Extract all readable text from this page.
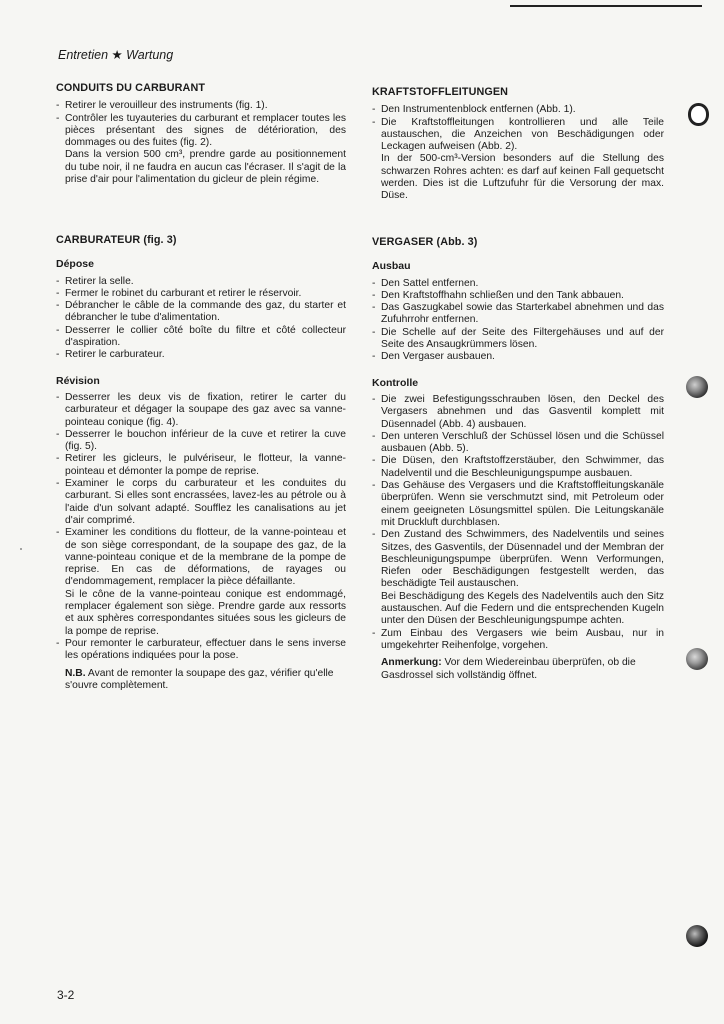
Entretien ★ Wartung
CONDUITS DU CARBURANT
- Retirer le verouilleur des instruments (fig. 1).
- Contrôler les tuyauteries du carburant et remplacer toutes les pièces présentant des signes de détérioration, des dommages ou des fuites (fig. 2).
Dans la version 500 cm³, prendre garde au positionnement du tube noir, il ne faudra en aucun cas l'écraser. Il s'agit de la prise d'air pour l'alimentation du gicleur de plein régime.
CARBURATEUR (fig. 3)
Dépose
- Retirer la selle.
- Fermer le robinet du carburant et retirer le réservoir.
- Débrancher le câble de la commande des gaz, du starter et débrancher le tube d'alimentation.
- Desserrer le collier côté boîte du filtre et côté collecteur d'aspiration.
- Retirer le carburateur.
Révision
- Desserrer les deux vis de fixation, retirer le carter du carburateur et dégager la soupape des gaz avec sa vanne-pointeau conique (fig. 4).
- Desserrer le bouchon inférieur de la cuve et retirer la cuve (fig. 5).
- Retirer les gicleurs, le pulvériseur, le flotteur, la vanne-pointeau et démonter la pompe de reprise.
- Examiner le corps du carburateur et les conduites du carburant. Si elles sont encrassées, lavez-les au pétrole ou à l'aide d'un solvant adapté. Soufflez les canalisations au jet d'air comprimé.
- Examiner les conditions du flotteur, de la vanne-pointeau et de son siège correspondant, de la soupape des gaz, de la vanne-pointeau conique et de la membrane de la pompe de reprise. En cas de déformations, de rayages ou d'endommagement, remplacer la pièce défaillante.
Si le cône de la vanne-pointeau conique est endommagé, remplacer également son siège. Prendre garde aux ressorts et aux sphères correspondantes situées sous les gicleurs de la pompe de reprise.
- Pour remonter le carburateur, effectuer dans le sens inverse les opérations indiquées pour la pose.
N.B. Avant de remonter la soupape des gaz, vérifier qu'elle s'ouvre complètement.
KRAFTSTOFFLEITUNGEN
- Den Instrumentenblock entfernen (Abb. 1).
- Die Kraftstoffleitungen kontrollieren und alle Teile austauschen, die Anzeichen von Beschädigungen oder Leckagen aufweisen (Abb. 2).
In der 500-cm³-Version besonders auf die Stellung des schwarzen Rohres achten: es darf auf keinen Fall gequetscht werden. Dies ist die Luftzufuhr für die Versorung der max. Düse.
VERGASER (Abb. 3)
Ausbau
- Den Sattel entfernen.
- Den Kraftstoffhahn schließen und den Tank abbauen.
- Das Gaszugkabel sowie das Starterkabel abnehmen und das Zufuhrrohr entfernen.
- Die Schelle auf der Seite des Filtergehäuses und auf der Seite des Ansaugkrümmers lösen.
- Den Vergaser ausbauen.
Kontrolle
- Die zwei Befestigungsschrauben lösen, den Deckel des Vergasers abnehmen und das Gasventil komplett mit Düsennadel (Abb. 4) ausbauen.
- Den unteren Verschluß der Schüssel lösen und die Schüssel ausbauen (Abb. 5).
- Die Düsen, den Kraftstoffzerstäuber, den Schwimmer, das Nadelventil und die Beschleunigungspumpe ausbauen.
- Das Gehäuse des Vergasers und die Kraftstoffleitungskanäle überprüfen. Wenn sie verschmutzt sind, mit Petroleum oder einem geeigneten Lösungsmittel spülen. Die Leitungskanäle mit Druckluft durchblasen.
- Den Zustand des Schwimmers, des Nadelventils und seines Sitzes, des Gasventils, der Düsennadel und der Membran der Beschleunigungspumpe überprüfen. Wenn Verformungen, Riefen oder Beschädigungen festgestellt werden, das beschädigte Teil austauschen.
Bei Beschädigung des Kegels des Nadelventils auch den Sitz austauschen. Auf die Federn und die entsprechenden Kugeln unter den Düsen der Beschleunigungspumpe achten.
- Zum Einbau des Vergasers wie beim Ausbau, nur in umgekehrter Reihenfolge, vorgehen.
Anmerkung: Vor dem Wiedereinbau überprüfen, ob die Gasdrossel sich vollständig öffnet.
3-2
